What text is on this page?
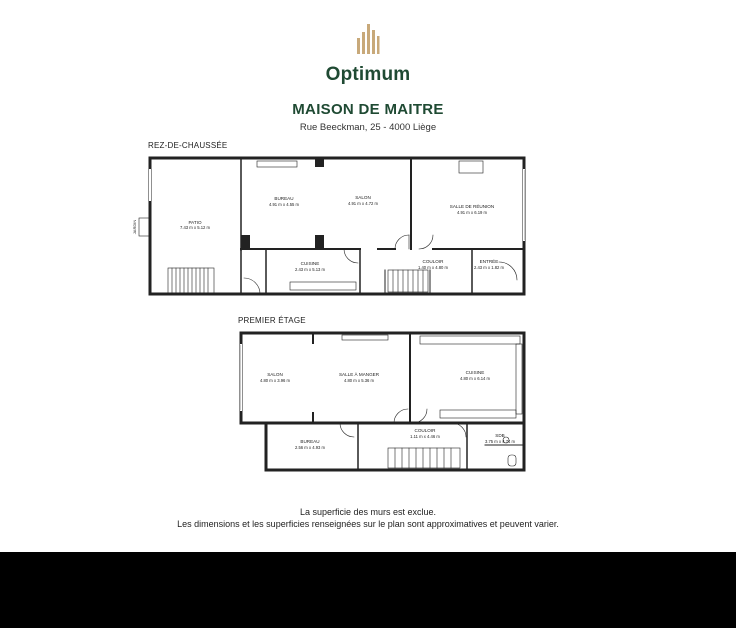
Optimum
MAISON DE MAITRE
Rue Beeckman, 25 - 4000 Liège
REZ-DE-CHAUSSÉE
PREMIER ÉTAGE
JARDIN	PATIO
7.43 m x 5.12 m
BUREAU
4.91 m x 4.55 m
SALON
4.91 m x 4.72 m
SALLE DE RÉUNION
4.91 m x 6.19 m
CUISINE
2.43 m x 5.13 m
COULOIR
1.40 m x 4.80 m
ENTRÉE
2.43 m x 1.82 m
SALON
4.80 m x 3.96 m
SALLE À MANGER
4.80 m x 5.36 m
CUISINE
4.80 m x 6.14 m
BUREAU
2.56 m x 4.93 m
COULOIR
1.11 m x 4.46 m	SDB
3.75 m x 4.74 m
La superficie des murs est exclue.
Les dimensions et les superficies renseignées sur le plan sont approximatives et peuvent varier.
